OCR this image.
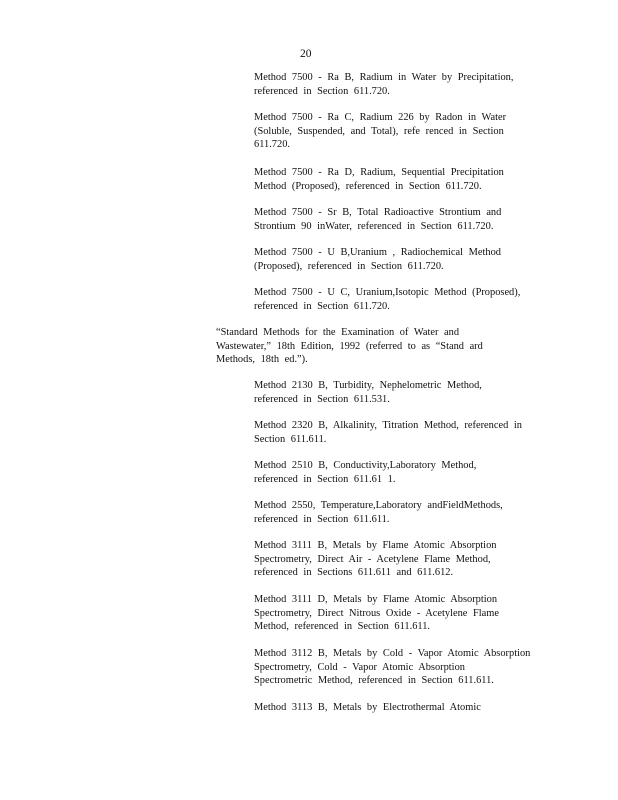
20
Method 7500 - Ra B, Radium in Water by Precipitation,
referenced in Section 611.720.
Method 7500 - Ra C, Radium 226 by Radon in Water
(Soluble, Suspended, and Total), refe renced in Section
611.720.
Method 7500 - Ra D, Radium, Sequential Precipitation
Method (Proposed), referenced in Section 611.720.
Method 7500 - Sr B, Total Radioactive Strontium and
Strontium 90 inWater, referenced in Section 611.720.
Method 7500 - U B,Uranium , Radiochemical Method
(Proposed), referenced in Section 611.720.
Method 7500 - U C, Uranium,Isotopic Method (Proposed),
referenced in Section 611.720.
“Standard Methods for the Examination of Water and
Wastewater,” 18th Edition, 1992 (referred to as “Stand ard
Methods, 18th ed.”).
Method 2130 B, Turbidity, Nephelometric Method,
referenced in Section 611.531.
Method 2320 B, Alkalinity, Titration Method, referenced in
Section 611.611.
Method 2510 B, Conductivity,Laboratory Method,
referenced in Section 611.61 1.
Method 2550, Temperature,Laboratory andFieldMethods,
referenced in Section 611.611.
Method 3111 B, Metals by Flame Atomic Absorption
Spectrometry, Direct Air - Acetylene Flame Method,
referenced in Sections 611.611 and 611.612.
Method 3111 D, Metals by Flame Atomic Absorption
Spectrometry, Direct Nitrous Oxide - Acetylene Flame
Method, referenced in Section 611.611.
Method 3112 B, Metals by Cold - Vapor Atomic Absorption
Spectrometry, Cold - Vapor Atomic Absorption
Spectrometric Method, referenced in Section 611.611.
Method 3113 B, Metals by Electrothermal Atomic
